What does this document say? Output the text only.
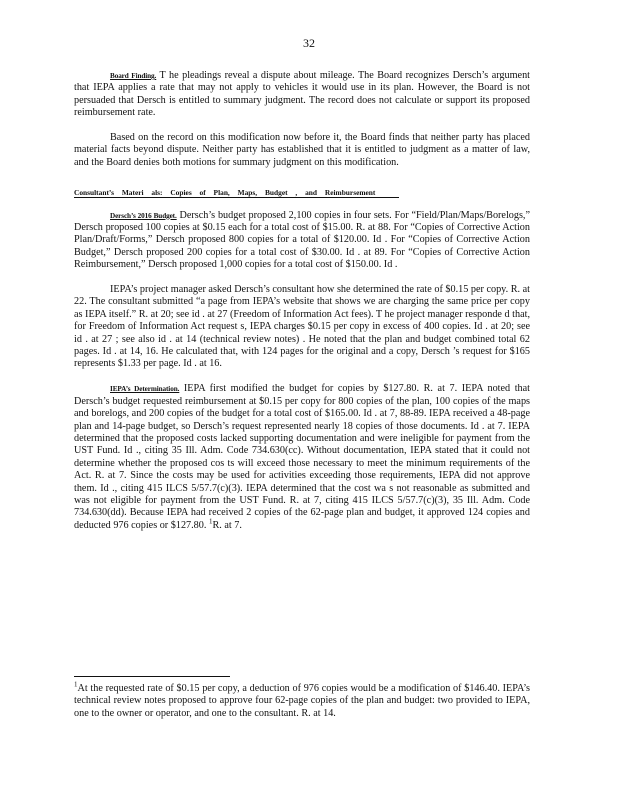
32

Board Finding. T he pleadings reveal a dispute about mileage. The Board recognizes Dersch’s argument that IEPA applies a rate that may not apply to vehicles it would use in its plan. However, the Board is not persuaded that Dersch is entitled to summary judgment. The record does not calculate or support its proposed reimbursement rate.

Based on the record on this modification now before it, the Board finds that neither party has placed material facts beyond dispute. Neither party has established that it is entitled to judgment as a matter of law, and the Board denies both motions for summary judgment on this modification.

Consultant’s Materi als: Copies of Plan, Maps, Budget , and Reimbursement

Dersch’s 2016 Budget. Dersch’s budget proposed 2,100 copies in four sets. For “Field/Plan/Maps/Borelogs,” Dersch proposed 100 copies at $0.15 each for a total cost of $15.00. R. at 88. For “Copies of Corrective Action Plan/Draft/Forms,” Dersch proposed 800 copies for a total of $120.00. Id . For “Copies of Corrective Action Budget,” Dersch proposed 200 copies for a total cost of $30.00. Id . at 89. For “Copies of Corrective Action Reimbursement,” Dersch proposed 1,000 copies for a total cost of $150.00. Id .

IEPA’s project manager asked Dersch’s consultant how she determined the rate of $0.15 per copy. R. at 22. The consultant submitted “a page from IEPA’s website that shows we are charging the same price per copy as IEPA itself.” R. at 20; see id . at 27 (Freedom of Information Act fees). T he project manager responde d that, for Freedom of Information Act request s, IEPA charges $0.15 per copy in excess of 400 copies. Id . at 20; see id . at 27 ; see also id . at 14 (technical review notes) . He noted that the plan and budget combined total 62 pages. Id . at 14, 16. He calculated that, with 124 pages for the original and a copy, Dersch ’s request for $165 represents $1.33 per page. Id . at 16.

IEPA’s Determination. IEPA first modified the budget for copies by $127.80. R. at 7. IEPA noted that Dersch’s budget requested reimbursement at $0.15 per copy for 800 copies of the plan, 100 copies of the maps and borelogs, and 200 copies of the budget for a total cost of $165.00. Id . at 7, 88-89. IEPA received a 48-page plan and 14-page budget, so Dersch’s request represented nearly 18 copies of those documents. Id . at 7. IEPA determined that the proposed costs lacked supporting documentation and were ineligible for payment from the UST Fund. Id ., citing 35 Ill. Adm. Code 734.630(cc). Without documentation, IEPA stated that it could not determine whether the proposed cos ts will exceed those necessary to meet the minimum requirements of the Act. R. at 7. Since the costs may be used for activities exceeding those requirements, IEPA did not approve them. Id ., citing 415 ILCS 5/57.7(c)(3). IEPA determined that the cost wa s not reasonable as submitted and was not eligible for payment from the UST Fund. R. at 7, citing 415 ILCS 5/57.7(c)(3), 35 Ill. Adm. Code 734.630(dd). Because IEPA had received 2 copies of the 62-page plan and budget, it approved 124 copies and deducted 976 copies or $127.80. $^1$R. at 7.

$^1$At the requested rate of $0.15 per copy, a deduction of 976 copies would be a modification of $146.40. IEPA’s technical review notes proposed to approve four 62-page copies of the plan and budget: two provided to IEPA, one to the owner or operator, and one to the consultant. R. at 14.
